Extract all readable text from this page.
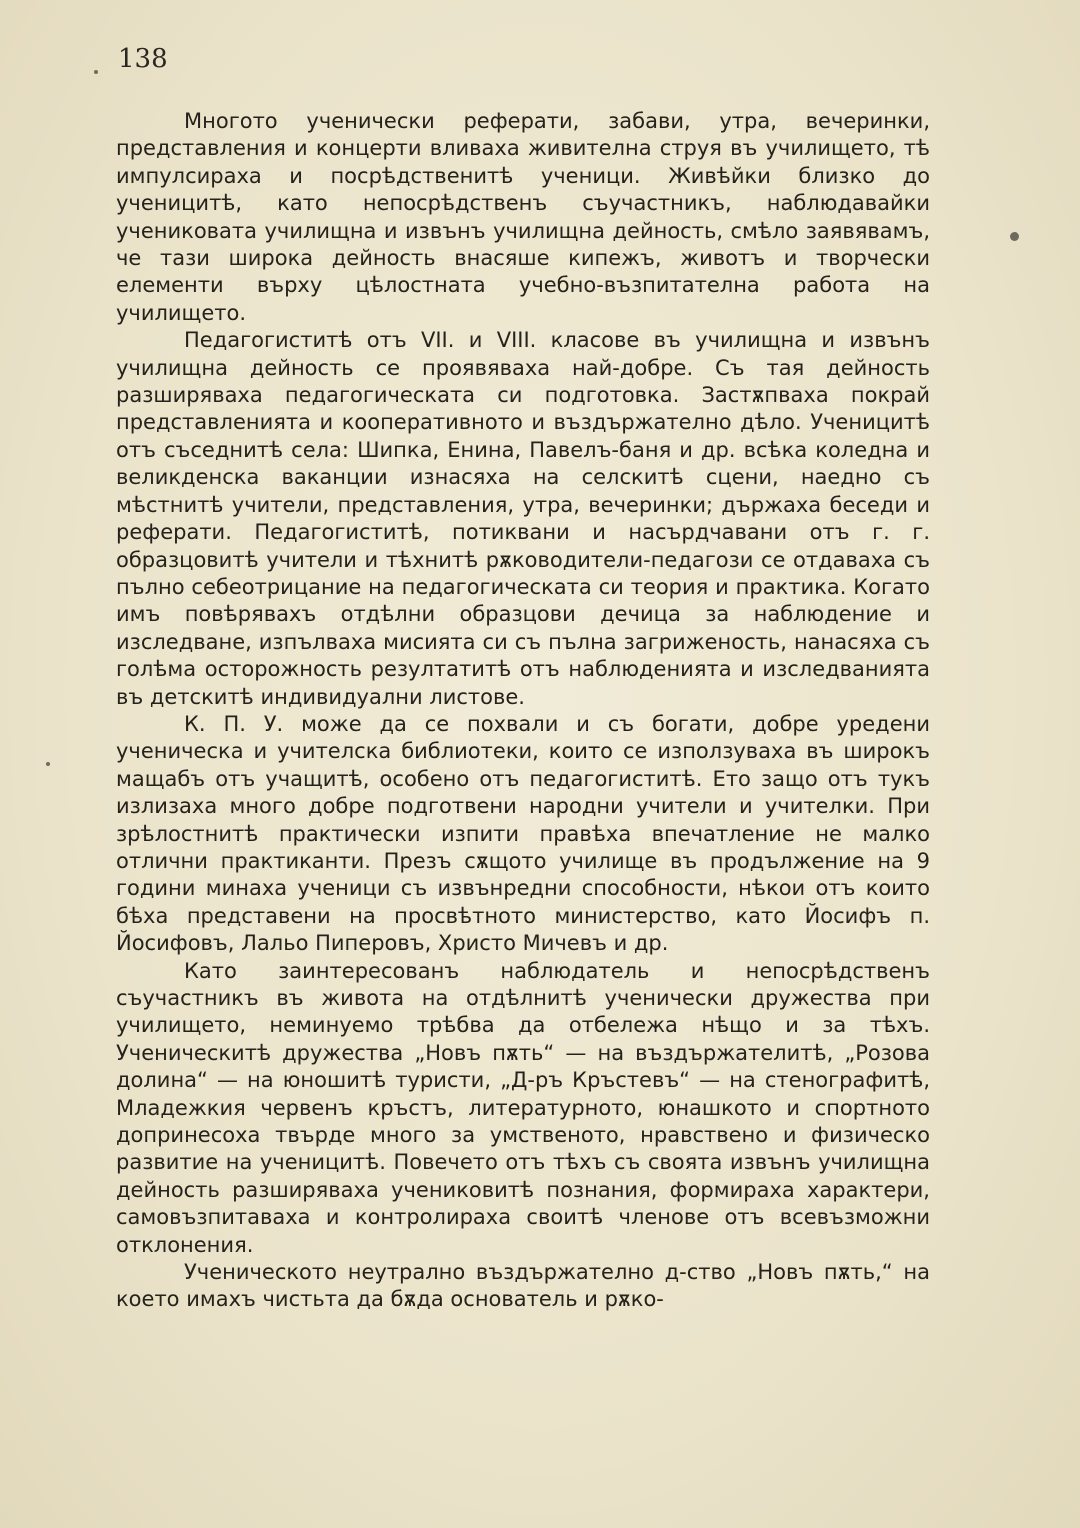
138

Многото ученически реферати, забави, утра, вечеринки, представления и концерти вливаха живителна струя въ училището, тѣ импулсираха и посрѣдственитѣ ученици. Живѣйки близко до ученицитѣ, като непосрѣдственъ съучастникъ, наблюдавайки учениковата училищна и извънъ училищна дейность, смѣло заявявамъ, че тази широка дейность внасяше кипежъ, животъ и творчески елементи върху цѣлостната учебно-възпитателна работа на училището.

Педагогиститѣ отъ VII. и VIII. класове въ училищна и извънъ училищна дейность се проявяваха най-добре. Съ тая дейность разширяваха педагогическата си подготовка. Застѫпваха покрай представленията и кооперативното и въздържателно дѣло. Ученицитѣ отъ съседнитѣ села: Шипка, Енина, Павелъ-баня и др. всѣка коледна и великденска ваканции изнасяха на селскитѣ сцени, наедно съ мѣстнитѣ учители, представления, утра, вечеринки; държаха беседи и реферати. Педагогиститѣ, потиквани и насърдчавани отъ г. г. образцовитѣ учители и тѣхнитѣ рѫководители-педагози се отдаваха съ пълно себеотрицание на педагогическата си теория и практика. Когато имъ повѣрявахъ отдѣлни образцови дечица за наблюдение и изследване, изпълваха мисията си съ пълна загриженость, нанасяха съ голѣма осторожность резултатитѣ отъ наблюденията и изследванията въ детскитѣ индивидуални листове.

К. П. У. може да се похвали и съ богати, добре уредени ученическа и учителска библиотеки, които се използуваха въ широкъ мащабъ отъ учащитѣ, особено отъ педагогиститѣ. Ето защо отъ тукъ излизаха много добре подготвени народни учители и учителки. При зрѣлостнитѣ практически изпити правѣха впечатление не малко отлични практиканти. Презъ сѫщото училище въ продължение на 9 години минаха ученици съ извънредни способности, нѣкои отъ които бѣха представени на просвѣтното министерство, като Йосифъ п. Йосифовъ, Лальо Пиперовъ, Христо Мичевъ и др.

Като заинтересованъ наблюдатель и непосрѣдственъ съучастникъ въ живота на отдѣлнитѣ ученически дружества при училището, неминуемо трѣбва да отбележа нѣщо и за тѣхъ. Ученическитѣ дружества „Новъ пѫть“ — на въздържателитѣ, „Розова долина“ — на юношитѣ туристи, „Д-ръ Кръстевъ“ — на стенографитѣ, Младежкия червенъ кръстъ, литературното, юнашкото и спортното допринесоха твърде много за умственото, нравствено и физическо развитие на ученицитѣ. Повечето отъ тѣхъ съ своята извънъ училищна дейность разширяваха учениковитѣ познания, формираха характери, самовъзпитаваха и контролираха своитѣ членове отъ всевъзможни отклонения.

Ученическото неутрално въздържателно д-ство „Новъ пѫть,“ на което имахъ чистьта да бѫда основатель и рѫко-
